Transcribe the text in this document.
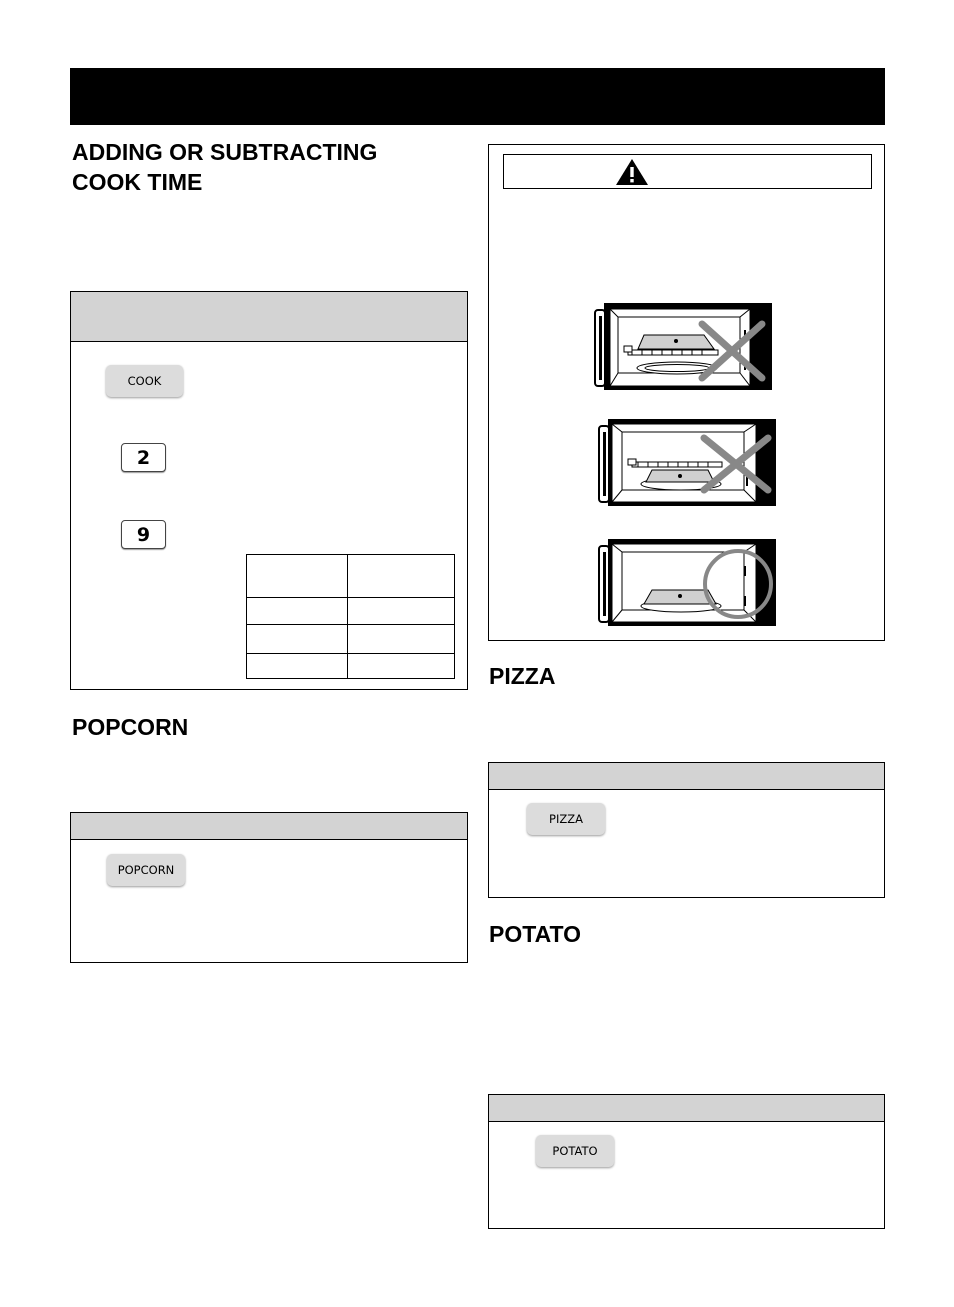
ADDING OR SUBTRACTING
COOK TIME
COOK
2
9

POPCORN
POPCORN
PIZZA
PIZZA
POTATO
POTATO
